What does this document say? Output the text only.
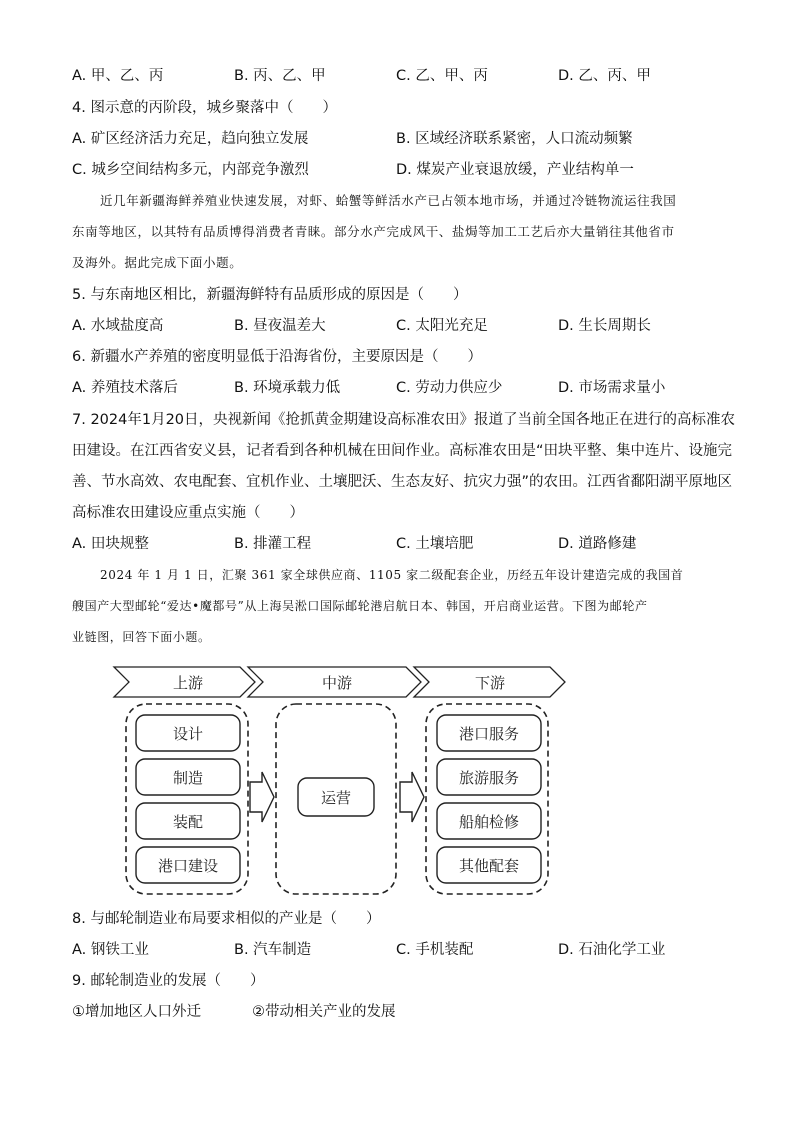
A. 甲、乙、丙	B. 丙、乙、甲	C. 乙、甲、丙	D. 乙、丙、甲
4. 图示意的丙阶段，城乡聚落中（　　）
A. 矿区经济活力充足，趋向独立发展	B. 区域经济联系紧密，人口流动频繁
C. 城乡空间结构多元，内部竞争激烈	D. 煤炭产业衰退放缓，产业结构单一
近几年新疆海鲜养殖业快速发展，对虾、蛤蟹等鲜活水产已占领本地市场，并通过冷链物流运往我国
东南等地区，以其特有品质博得消费者青睐。部分水产完成风干、盐焗等加工工艺后亦大量销往其他省市
及海外。据此完成下面小题。
5. 与东南地区相比，新疆海鲜特有品质形成的原因是（　　）
A. 水域盐度高	B. 昼夜温差大	C. 太阳光充足	D. 生长周期长
6. 新疆水产养殖的密度明显低于沿海省份，主要原因是（　　）
A. 养殖技术落后	B. 环境承载力低	C. 劳动力供应少	D. 市场需求量小
7. 2024年1月20日，央视新闻《抢抓黄金期建设高标准农田》报道了当前全国各地正在进行的高标准农
田建设。在江西省安义县，记者看到各种机械在田间作业。高标准农田是“田块平整、集中连片、设施完
善、节水高效、农电配套、宜机作业、土壤肥沃、生态友好、抗灾力强”的农田。江西省鄱阳湖平原地区
高标准农田建设应重点实施（　　）
A. 田块规整	B. 排灌工程	C. 土壤培肥	D. 道路修建
2024 年 1 月 1 日，汇聚 361 家全球供应商、1105 家二级配套企业，历经五年设计建造完成的我国首
艘国产大型邮轮“爱达•魔都号”从上海吴淞口国际邮轮港启航日本、韩国，开启商业运营。下图为邮轮产
业链图，回答下面小题。
上游	中游	下游
设计
制造
装配
港口建设
运营
港口服务
旅游服务
船舶检修
其他配套
8. 与邮轮制造业布局要求相似的产业是（　　）
A. 钢铁工业	B. 汽车制造	C. 手机装配	D. 石油化学工业
9. 邮轮制造业的发展（　　）
①增加地区人口外迁	②带动相关产业的发展
